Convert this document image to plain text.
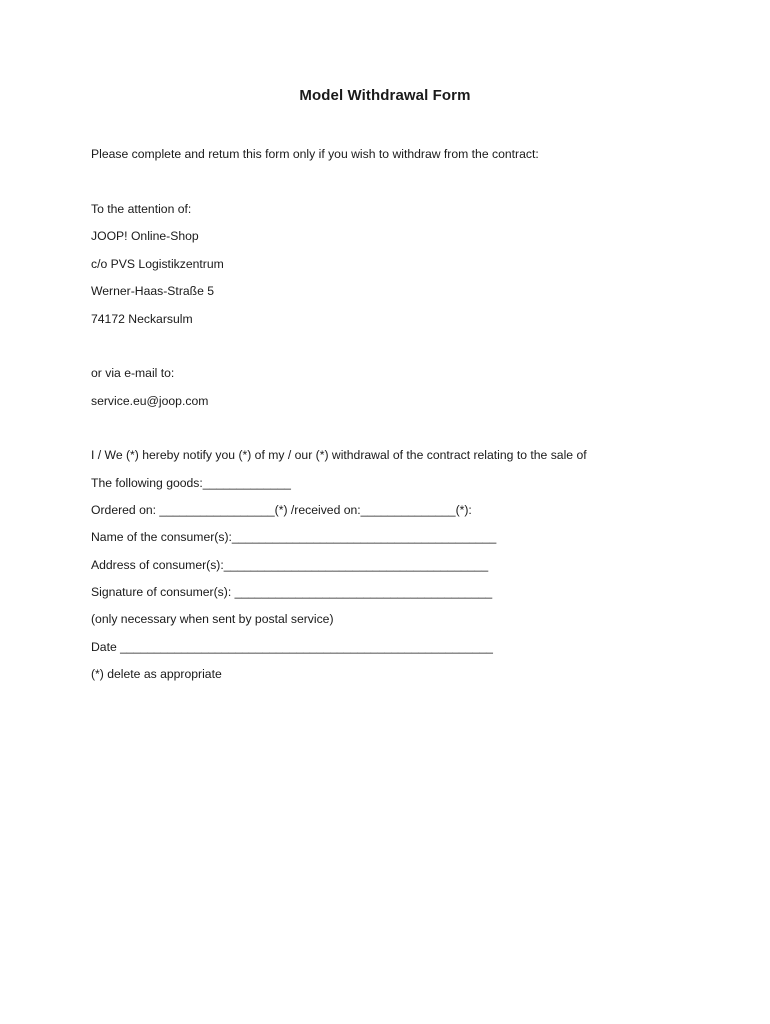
Model Withdrawal Form
Please complete and retum this form only if you wish to withdraw from the contract:
To the attention of:
JOOP! Online-Shop
c/o PVS Logistikzentrum
Werner-Haas-Straße 5
74172 Neckarsulm
or via e-mail to:
service.eu@joop.com
I / We (*) hereby notify you (*) of my / our (*) withdrawal of the contract relating to the sale of
The following goods:_____________
Ordered on: _________________(*) /received on:______________(*):
Name of the consumer(s):_______________________________________
Address of consumer(s):_______________________________________
Signature of consumer(s): ______________________________________
(only necessary when sent by postal service)
Date _______________________________________________________
(*) delete as appropriate
